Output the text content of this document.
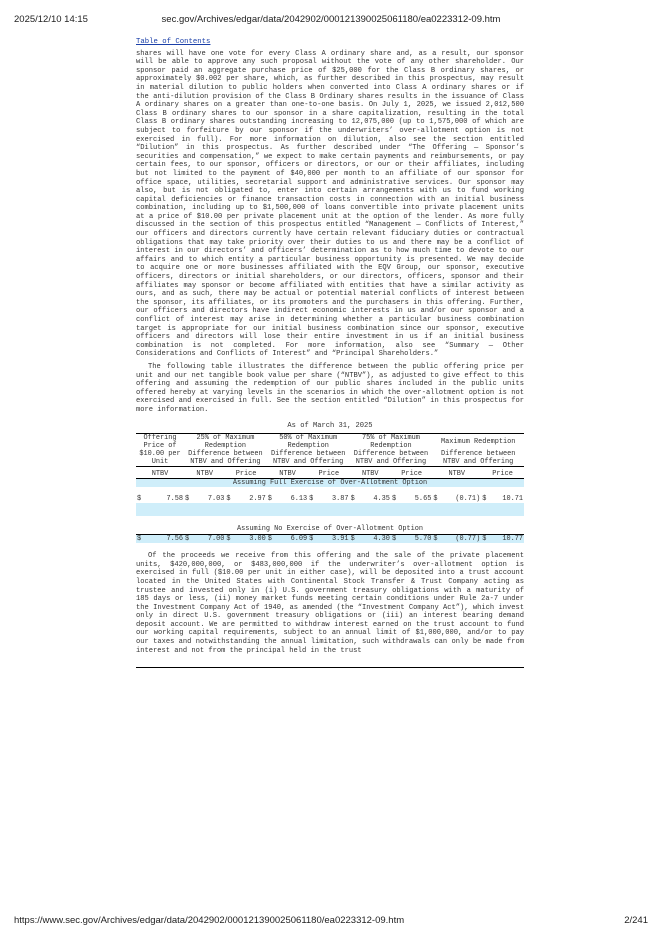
2025/12/10 14:15	sec.gov/Archives/edgar/data/2042902/000121390025061180/ea0223312-09.htm
Table of Contents

shares will have one vote for every Class A ordinary share and, as a result, our sponsor will be able to approve any such proposal without the vote of any other shareholder. Our sponsor paid an aggregate purchase price of $25,000 for the Class B ordinary shares, or approximately $0.002 per share, which, as further described in this prospectus, may result in material dilution to public holders when converted into Class A ordinary shares or if the anti-dilution provision of the Class B Ordinary shares results in the issuance of Class A ordinary shares on a greater than one-to-one basis. On July 1, 2025, we issued 2,012,500 Class B ordinary shares to our sponsor in a share capitalization, resulting in the total Class B ordinary shares outstanding increasing to 12,075,000 (up to 1,575,000 of which are subject to forfeiture by our sponsor if the underwriters’ over-allotment option is not exercised in full). For more information on dilution, also see the section entitled “Dilution” in this prospectus. As further described under “The Offering — Sponsor’s securities and compensation,” we expect to make certain payments and reimbursements, or pay certain fees, to our sponsor, officers or directors, or our or their affiliates, including but not limited to the payment of $40,000 per month to an affiliate of our sponsor for office space, utilities, secretarial support and administrative services. Our sponsor may also, but is not obligated to, enter into certain arrangements with us to fund working capital deficiencies or finance transaction costs in connection with an initial business combination, including up to $1,500,000 of loans convertible into private placement units at a price of $10.00 per private placement unit at the option of the lender. As more fully discussed in the section of this prospectus entitled “Management — Conflicts of Interest,” our officers and directors currently have certain relevant fiduciary duties or contractual obligations that may take priority over their duties to us and there may be a conflict of interest in our directors’ and officers’ determination as to how much time to devote to our affairs and to which entity a particular business opportunity is presented. We may decide to acquire one or more businesses affiliated with the EQV Group, our sponsor, executive officers, directors or initial shareholders, or our directors, officers, sponsor and their affiliates may sponsor or become affiliated with entities that have a similar activity as ours, and as such, there may be actual or potential material conflicts of interest between the sponsor, its affiliates, or its promoters and the purchasers in this offering. Further, our officers and directors have indirect economic interests in us and/or our sponsor and a conflict of interest may arise in determining whether a particular business combination target is appropriate for our initial business combination since our sponsor, executive officers and directors will lose their entire investment in us if an initial business combination is not completed. For more information, also see “Summary — Other Considerations and Conflicts of Interest” and “Principal Shareholders.”

The following table illustrates the difference between the public offering price per unit and our net tangible book value per share (“NTBV”), as adjusted to give effect to this offering and assuming the redemption of our public shares included in the public units offered hereby at varying levels in the scenarios in which the over-allotment option is not exercised and exercised in full. See the section entitled “Dilution” in this prospectus for more information.

As of March 31, 2025
Offering Price of $10.00 per Unit	25% of Maximum Redemption				50% of Maximum Redemption				75% of Maximum Redemption				Maximum Redemption			
	Difference between NTBV and Offering				Difference between NTBV and Offering				Difference between NTBV and Offering				Difference between NTBV and Offering			
NTBV	NTBV		Price		NTBV		Price		NTBV		Price		NTBV		Price	
Assuming Full Exercise of Over-Allotment Option																

$ 7.58	$	7.03	$	2.97	$	6.13	$	3.87	$	4.35	$	5.65	$	(0.71)	$	10.71

Assuming No Exercise of Over-Allotment Option																

$ 7.56	$	7.00	$	3.00	$	6.09	$	3.91	$	4.30	$	5.70	$	(0.77)	$	10.77

Of the proceeds we receive from this offering and the sale of the private placement units, $420,000,000, or $483,000,000 if the underwriter’s over-allotment option is exercised in full ($10.00 per unit in either case), will be deposited into a trust account located in the United States with Continental Stock Transfer & Trust Company acting as trustee and invested only in (i) U.S. government treasury obligations with a maturity of 185 days or less, (ii) money market funds meeting certain conditions under Rule 2a-7 under the Investment Company Act of 1940, as amended (the “Investment Company Act”), which invest only in direct U.S. government treasury obligations or (iii) an interest bearing demand deposit account. We are permitted to withdraw interest earned on the trust account to fund our working capital requirements, subject to an annual limit of $1,000,000, and/or to pay our taxes and notwithstanding the annual limitation, such withdrawals can only be made from interest and not from the principal held in the trust

https://www.sec.gov/Archives/edgar/data/2042902/000121390025061180/ea0223312-09.htm	2/241
